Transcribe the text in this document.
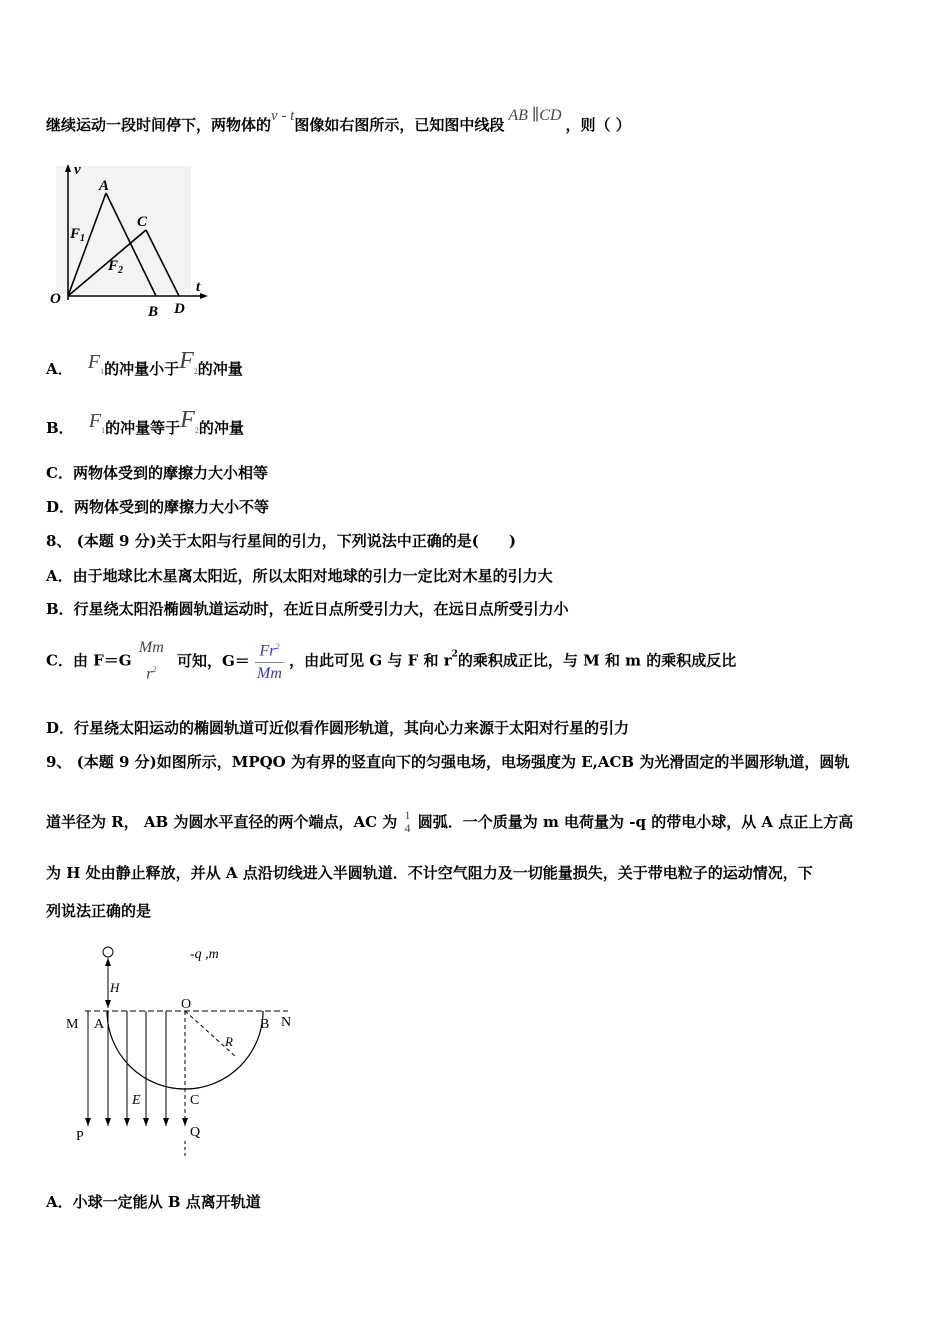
继续运动一段时间停下，两物体的v - t图像如右图所示，已知图中线段AB ∥CD，则（ ）
v
A
C
$F_1$
$F_2$
O
B D
t
A． F1的冲量小于F2的冲量
B． F1的冲量等于F2的冲量
C．两物体受到的摩擦力大小相等
D．两物体受到的摩擦力大小不等
8、 (本题 9 分)关于太阳与行星间的引力，下列说法中正确的是(　　)
A．由于地球比木星离太阳近，所以太阳对地球的引力一定比对木星的引力大
B．行星绕太阳沿椭圆轨道运动时，在近日点所受引力大，在远日点所受引力小
C．由 F＝G
Mm
$r^2$	可知，$G= \frac{Fr^2}{Mm}$ ，由此可见 G 与 F 和 $r^2$的乘积成正比，与 M 和 m 的乘积成反比
D．行星绕太阳运动的椭圆轨道可近似看作圆形轨道，其向心力来源于太阳对行星的引力
9、 (本题 9 分)如图所示，MPQO 为有界的竖直向下的匀强电场，电场强度为 E,ACB 为光滑固定的半圆形轨道，圆轨
道半径为 R， AB 为圆水平直径的两个端点，AC 为 1
4 圆弧．一个质量为 m 电荷量为 -q 的带电小球，从 A 点正上方高
为 H 处由静止释放，并从 A 点沿切线进入半圆轨道．不计空气阻力及一切能量损失，关于带电粒子的运动情况，下
列说法正确的是
H
-q ,m
R
M A
O
B N
E	C
P	Q
A．小球一定能从 B 点离开轨道
